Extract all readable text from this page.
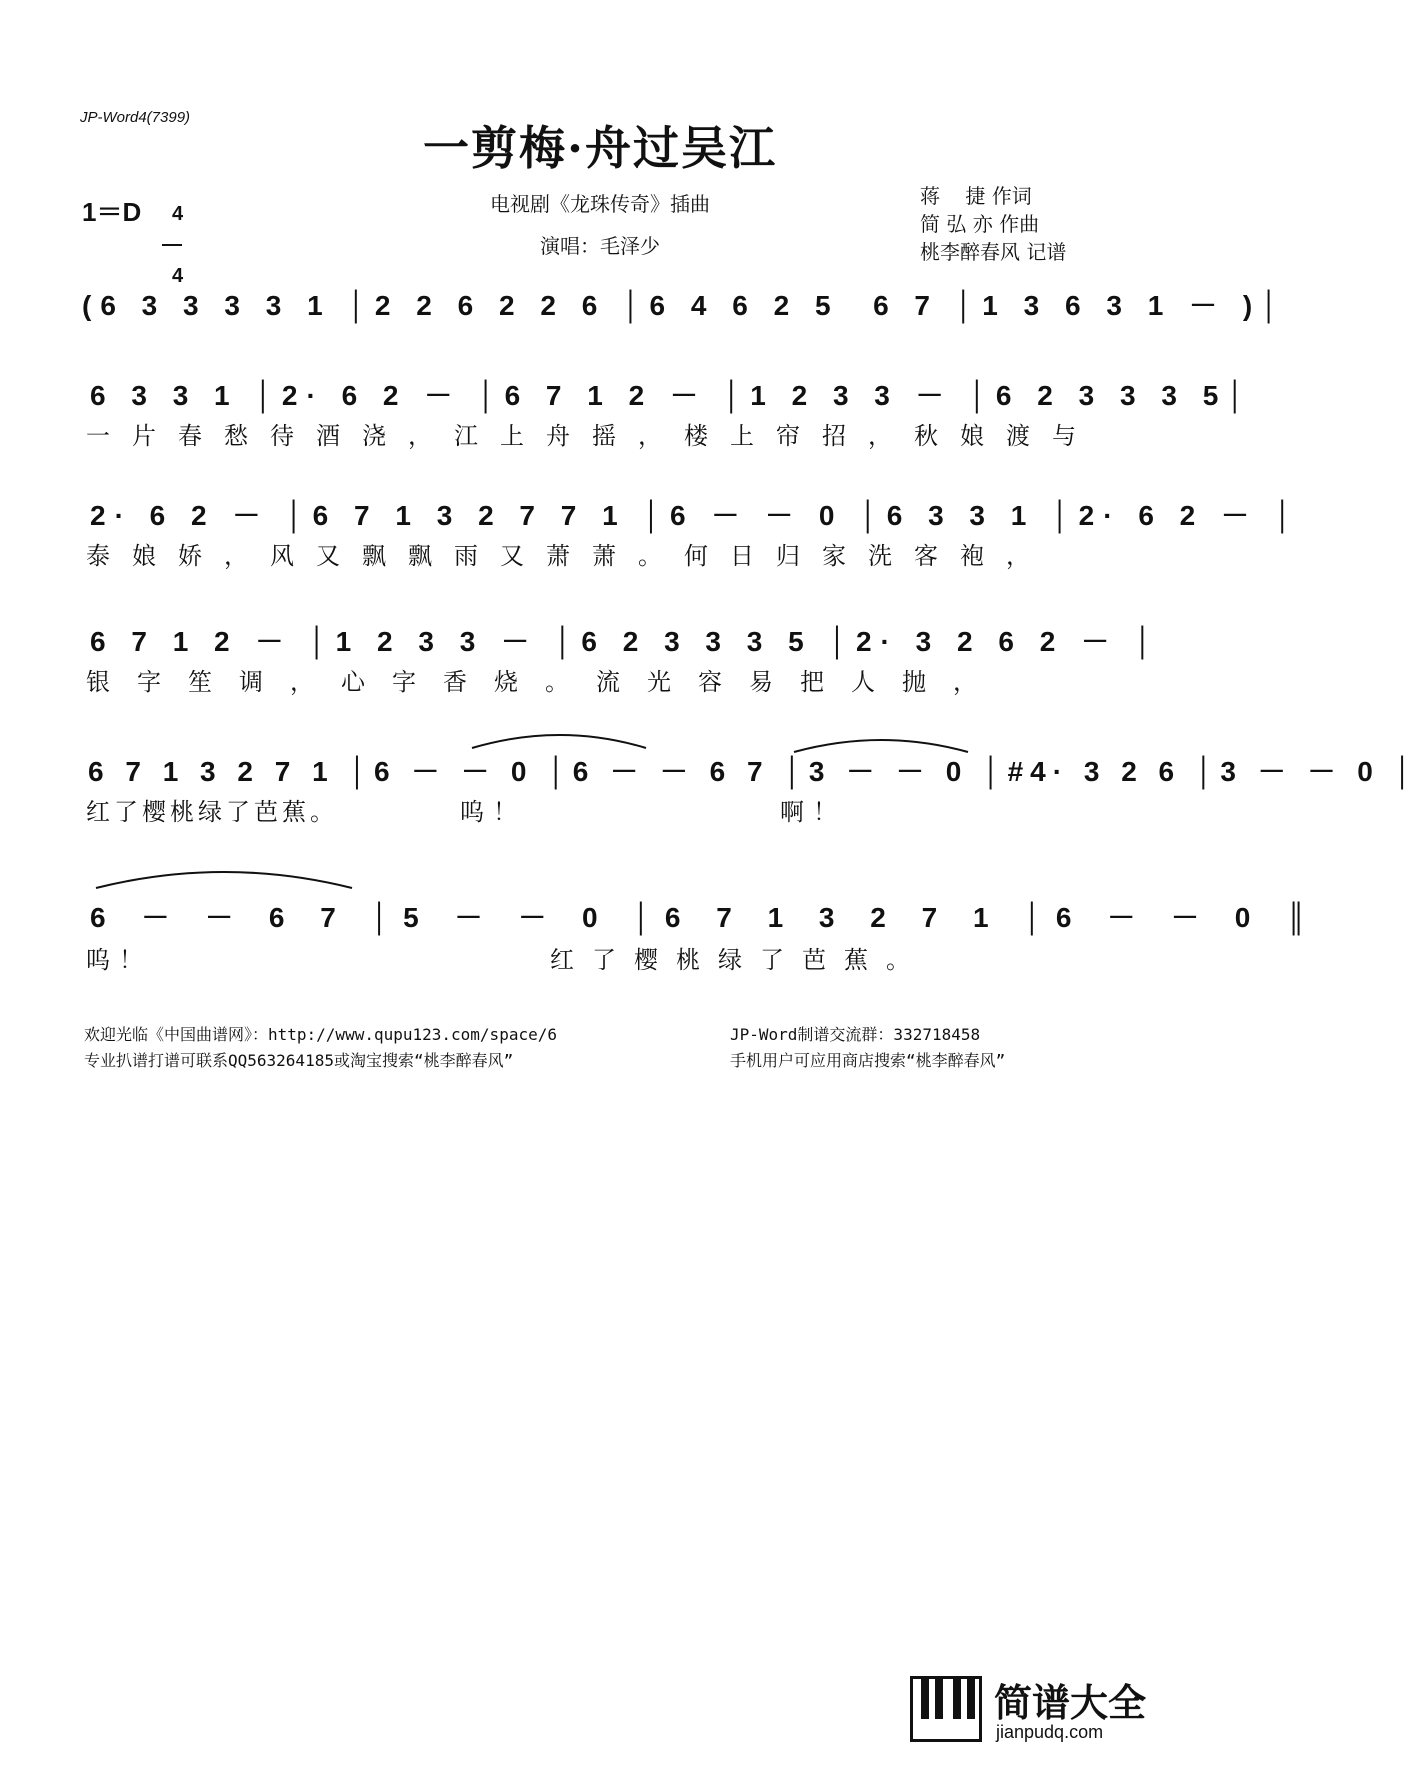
JP-Word4(7399)
一剪梅·舟过吴江
1＝D	4

4

电视剧《龙珠传奇》插曲
演唱：毛泽少
蒋    捷 作词
简 弘 亦 作曲
桃李醉春风 记谱
(6 3 3 3 3 1 │2 2 6 2 2 6 │6 4 6 2 5  6 7 │1 3 6 3 1 － )│
6 3 3 1 │2· 6 2 － │6 7 1 2 － │1 2 3 3 － │6 2 3 3 3 5│
一片春愁待酒浇，江上舟摇，楼上帘招，秋娘渡与
2· 6 2 － │6 7 1 3 2 7 7 1 │6 － － 0 │6 3 3 1 │2· 6 2 － │
泰娘娇，风又飘飘雨又萧萧。何日归家洗客袍，
6 7 1 2 － │1 2 3 3 － │6 2 3 3 3 5 │2· 3 2 6 2 － │
银字笙调，心字香烧。流光容易把人抛，
6 7 1 3 2 7 1 │6 － － 0 │6 － － 6 7 │3 － － 0 │#4· 3 2 6 │3 － － 0 │
红了樱桃绿了芭蕉。	呜！	啊！
6 － － 6 7 │5 － － 0 │6 7 1 3 2 7 1 │6 － － 0 ║
呜！	红了樱桃绿了芭蕉。
欢迎光临《中国曲谱网》：http://www.qupu123.com/space/6
专业扒谱打谱可联系QQ563264185或淘宝搜索“桃李醉春风”
JP-Word制谱交流群：332718458
手机用户可应用商店搜索“桃李醉春风”

简谱大全

jianpudq.com
